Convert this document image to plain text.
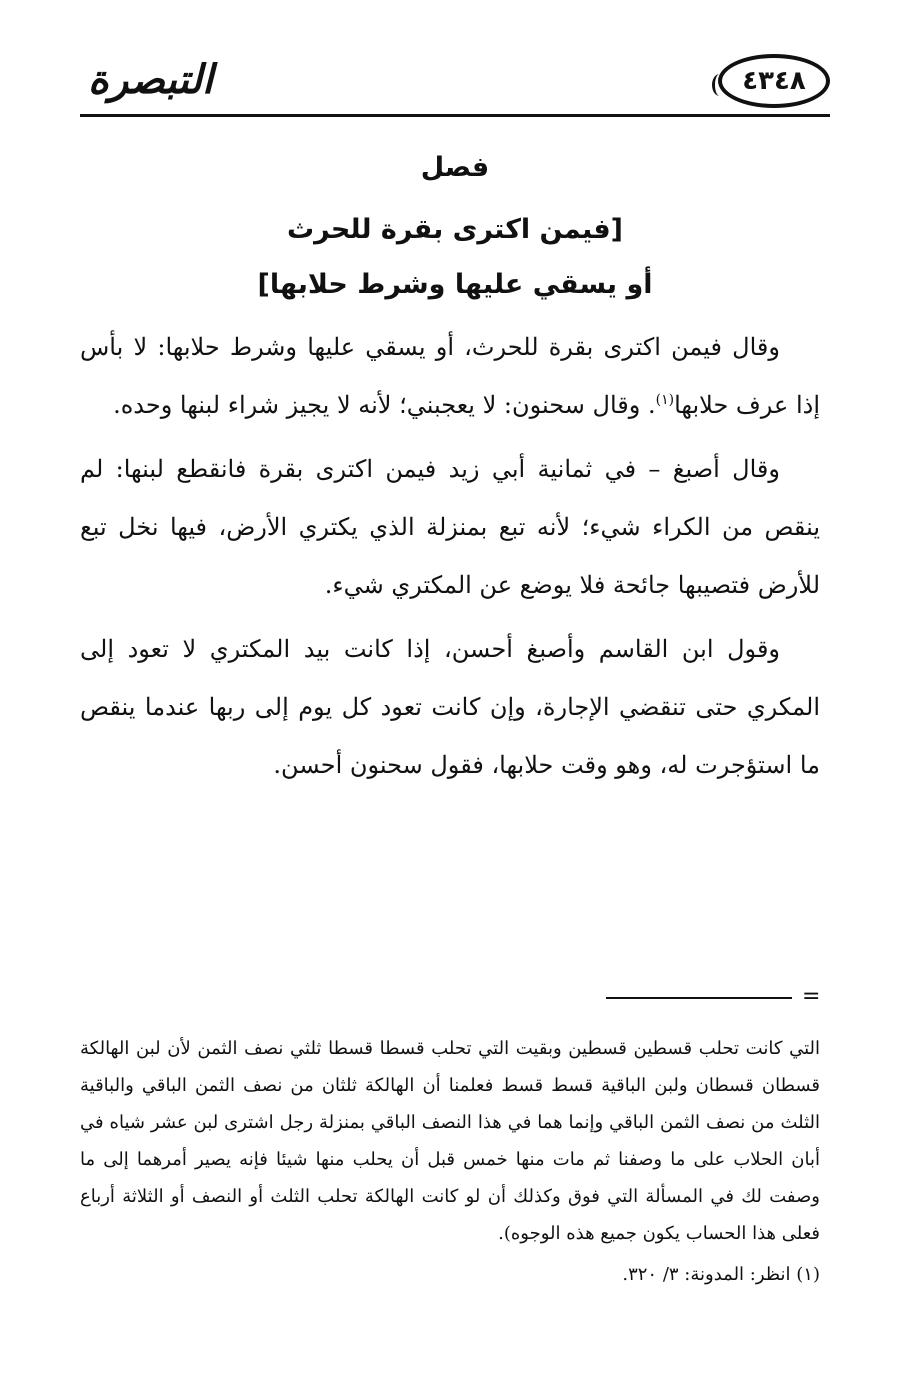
التبصرة	٤٣٤٨
فصل
[فيمن اكترى بقرة للحرث
أو يسقي عليها وشرط حلابها]

وقال فيمن اكترى بقرة للحرث، أو يسقي عليها وشرط حلابها: لا بأس إذا عرف حلابها$^{(١)}$. وقال سحنون: لا يعجبني؛ لأنه لا يجيز شراء لبنها وحده.

وقال أصبغ – في ثمانية أبي زيد فيمن اكترى بقرة فانقطع لبنها: لم ينقص من الكراء شيء؛ لأنه تبع بمنزلة الذي يكتري الأرض، فيها نخل تبع للأرض فتصيبها جائحة فلا يوضع عن المكتري شيء.

وقول ابن القاسم وأصبغ أحسن، إذا كانت بيد المكتري لا تعود إلى المكري حتى تنقضي الإجارة، وإن كانت تعود كل يوم إلى ربها عندما ينقص ما استؤجرت له، وهو وقت حلابها، فقول سحنون أحسن.

=

التي كانت تحلب قسطين قسطين وبقيت التي تحلب قسطا قسطا ثلثي نصف الثمن لأن لبن الهالكة قسطان قسطان ولبن الباقية قسط قسط فعلمنا أن الهالكة ثلثان من نصف الثمن الباقي والباقية الثلث من نصف الثمن الباقي وإنما هما في هذا النصف الباقي بمنزلة رجل اشترى لبن عشر شياه في أبان الحلاب على ما وصفنا ثم مات منها خمس قبل أن يحلب منها شيئا فإنه يصير أمرهما إلى ما وصفت لك في المسألة التي فوق وكذلك أن لو كانت الهالكة تحلب الثلث أو النصف أو الثلاثة أرباع فعلى هذا الحساب يكون جميع هذه الوجوه).

(١) انظر: المدونة: ٣/ ٣٢٠.
